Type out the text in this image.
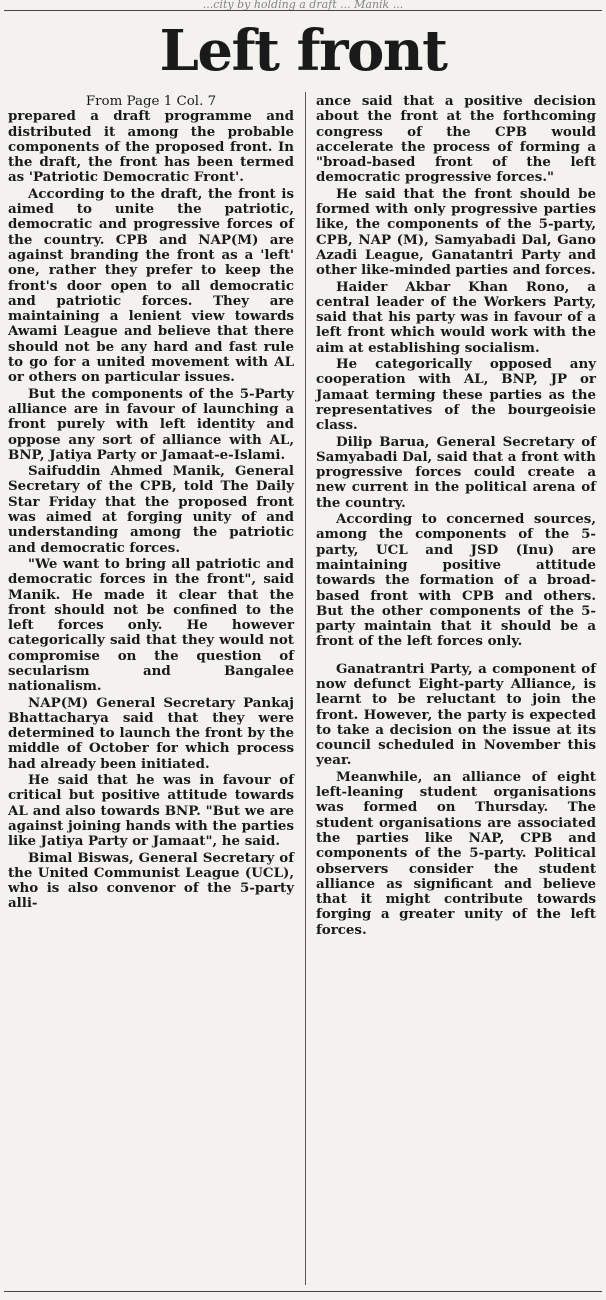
...city by holding a draft ... Manik ...
Left front
From Page 1 Col. 7

prepared a draft programme and distributed it among the probable components of the proposed front. In the draft, the front has been termed as 'Patriotic Democratic Front'.

According to the draft, the front is aimed to unite the patriotic, democratic and progressive forces of the country. CPB and NAP(M) are against branding the front as a 'left' one, rather they prefer to keep the front's door open to all democratic and patriotic forces. They are maintaining a lenient view towards Awami League and believe that there should not be any hard and fast rule to go for a united movement with AL or others on particular issues.

But the components of the 5-Party alliance are in favour of launching a front purely with left identity and oppose any sort of alliance with AL, BNP, Jatiya Party or Jamaat-e-Islami.

Saifuddin Ahmed Manik, General Secretary of the CPB, told The Daily Star Friday that the proposed front was aimed at forging unity of and understanding among the patriotic and democratic forces.

"We want to bring all patriotic and democratic forces in the front", said Manik. He made it clear that the front should not be confined to the left forces only. He however categorically said that they would not compromise on the question of secularism and Bangalee nationalism.

NAP(M) General Secretary Pankaj Bhattacharya said that they were determined to launch the front by the middle of October for which process had already been initiated.

He said that he was in favour of critical but positive attitude towards AL and also towards BNP. "But we are against joining hands with the parties like Jatiya Party or Jamaat", he said.

Bimal Biswas, General Secretary of the United Communist League (UCL), who is also convenor of the 5-party alli-

ance said that a positive decision about the front at the forthcoming congress of the CPB would accelerate the process of forming a "broad-based front of the left democratic progressive forces."

He said that the front should be formed with only progressive parties like, the components of the 5-party, CPB, NAP (M), Samyabadi Dal, Gano Azadi League, Ganatantri Party and other like-minded parties and forces.

Haider Akbar Khan Rono, a central leader of the Workers Party, said that his party was in favour of a left front which would work with the aim at establishing socialism.

He categorically opposed any cooperation with AL, BNP, JP or Jamaat terming these parties as the representatives of the bourgeoisie class.

Dilip Barua, General Secretary of Samyabadi Dal, said that a front with progressive forces could create a new current in the political arena of the country.

According to concerned sources, among the components of the 5-party, UCL and JSD (Inu) are maintaining positive attitude towards the formation of a broad-based front with CPB and others. But the other components of the 5-party maintain that it should be a front of the left forces only.

Ganatrantri Party, a component of now defunct Eight-party Alliance, is learnt to be reluctant to join the front. However, the party is expected to take a decision on the issue at its council scheduled in November this year.

Meanwhile, an alliance of eight left-leaning student organisations was formed on Thursday. The student organisations are associated the parties like NAP, CPB and components of the 5-party. Political observers consider the student alliance as significant and believe that it might contribute towards forging a greater unity of the left forces.
